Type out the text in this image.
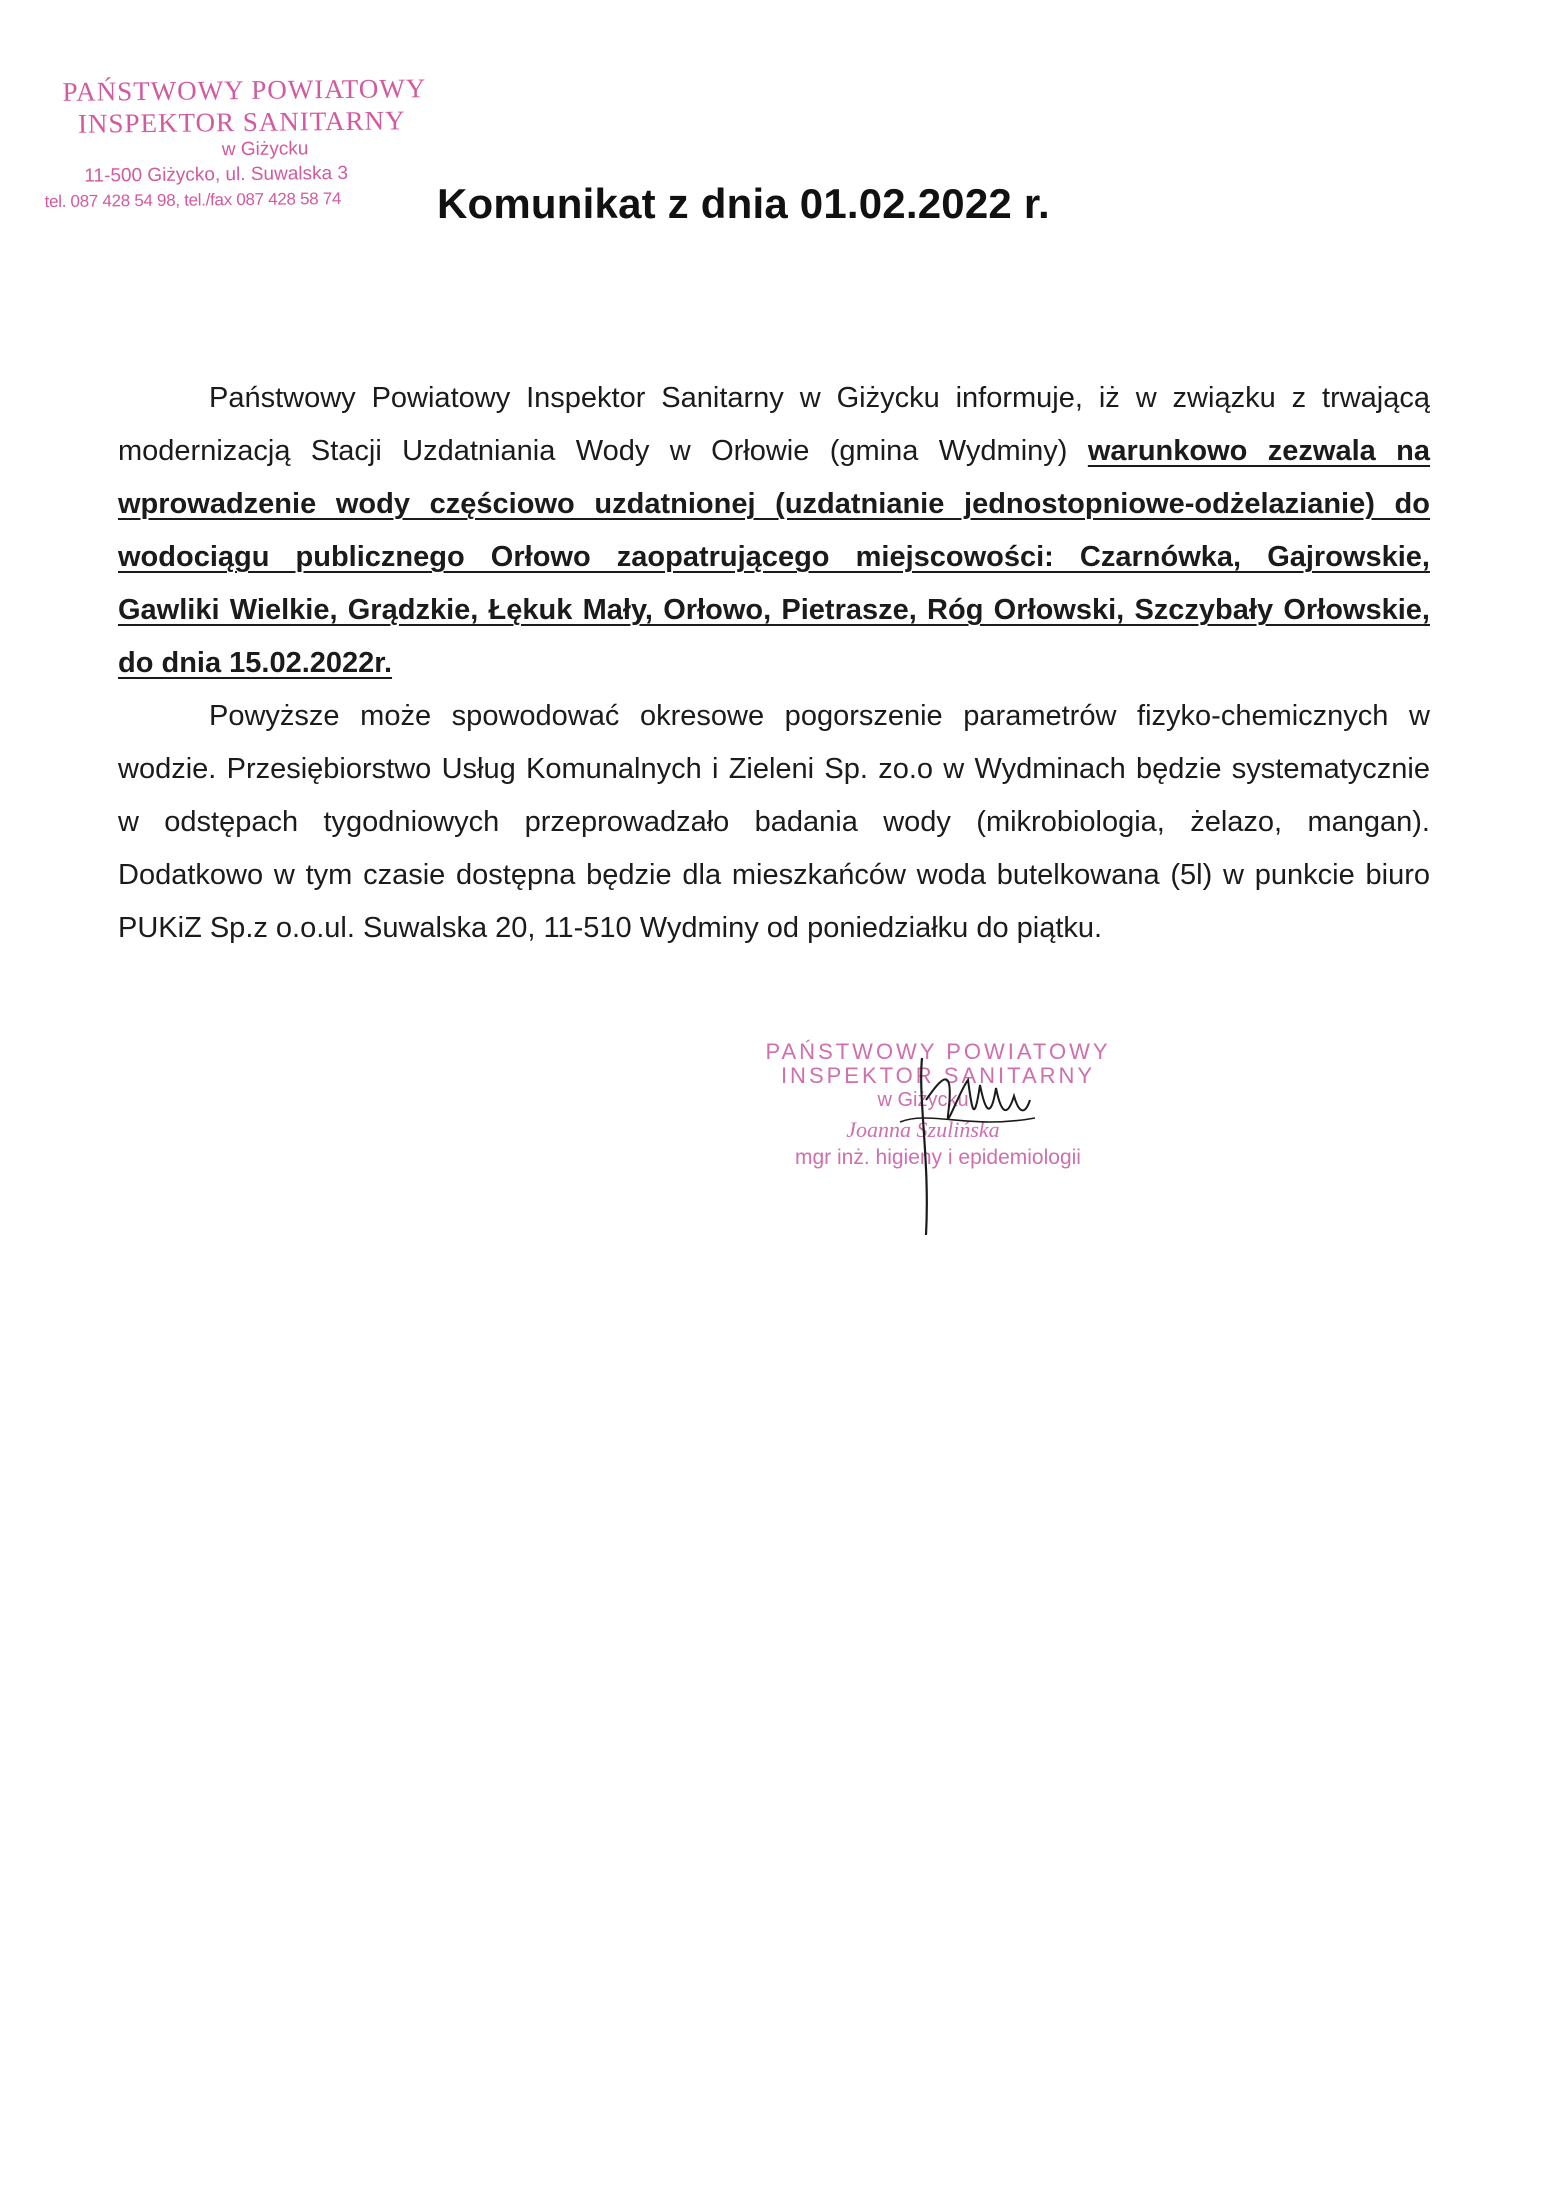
PAŃSTWOWY POWIATOWY
INSPEKTOR SANITARNY
w Giżycku
11-500 Giżycko, ul. Suwalska 3
tel. 087 428 54 98, tel./fax 087 428 58 74	Komunikat z dnia 01.02.2022 r.

Państwowy Powiatowy Inspektor Sanitarny w Giżycku informuje, iż w związku z trwającą modernizacją Stacji Uzdatniania Wody w Orłowie (gmina Wydminy) warunkowo zezwala na wprowadzenie wody częściowo uzdatnionej (uzdatnianie jednostopniowe-odżelazianie) do wodociągu publicznego Orłowo zaopatrującego miejscowości: Czarnówka, Gajrowskie, Gawliki Wielkie, Grądzkie, Łękuk Mały, Orłowo, Pietrasze, Róg Orłowski, Szczybały Orłowskie, do dnia 15.02.2022r.

Powyższe może spowodować okresowe pogorszenie parametrów fizyko-chemicznych w wodzie. Przesiębiorstwo Usług Komunalnych i Zieleni Sp. zo.o w Wydminach będzie systematycznie w odstępach tygodniowych przeprowadzało badania wody (mikrobiologia, żelazo, mangan). Dodatkowo w tym czasie dostępna będzie dla mieszkańców woda butelkowana (5l) w punkcie biuro PUKiZ Sp.z o.o.ul. Suwalska 20, 11-510 Wydminy od poniedziałku do piątku.

PAŃSTWOWY POWIATOWY
INSPEKTOR SANITARNY
w Giżycku
Joanna Szulińska
mgr inż. higieny i epidemiologii
